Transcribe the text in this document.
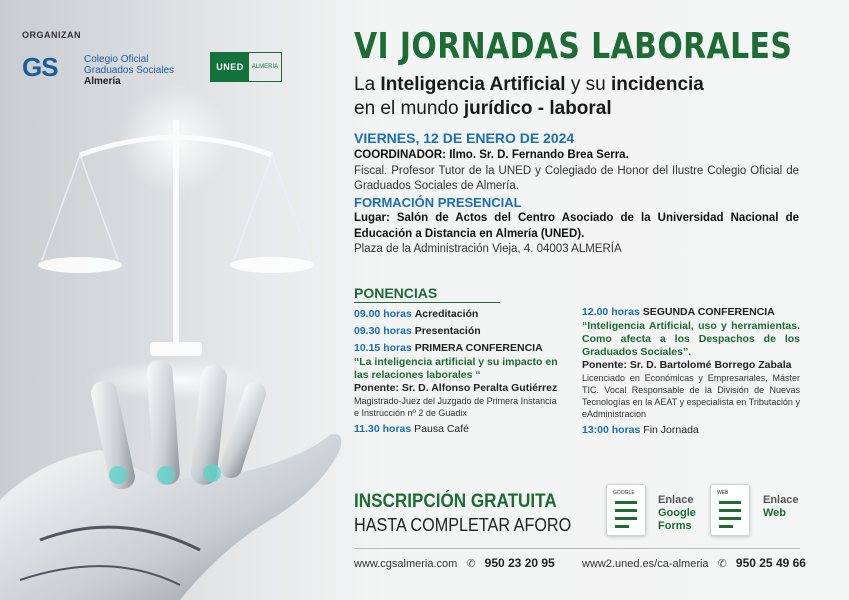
ORGANIZAN
GS	Colegio Oficial
Graduados Sociales
Almería
UNED	ALMERIA VI JORNADAS LABORALES
La Inteligencia Artificial y su incidencia
en el mundo jurídico - laboral
VIERNES, 12 DE ENERO DE 2024
COORDINADOR: Ilmo. Sr. D. Fernando Brea Serra.
Fiscal. Profesor Tutor de la UNED y Colegiado de Honor del Ilustre Colegio Oficial de Graduados Sociales de Almería.
FORMACIÓN PRESENCIAL
Lugar: Salón de Actos del Centro Asociado de la Universidad Nacional de Educación a Distancia en Almería (UNED).
Plaza de la Administración Vieja, 4. 04003 ALMERÍA
PONENCIAS
09.00 horas Acreditación
09.30 horas Presentación
10.15 horas PRIMERA CONFERENCIA
“La inteligencia artificial y su impacto en las relaciones laborales “
Ponente: Sr. D. Alfonso Peralta Gutiérrez
Magistrado-Juez del Juzgado de Primera Instancia e Instrucción nº 2 de Guadix
11.30 horas Pausa Café
12.00 horas SEGUNDA CONFERENCIA
“Inteligencia Artificial, uso y herramientas. Como afecta a los Despachos de los Graduados Sociales”.
Ponente: Sr. D. Bartolomé Borrego Zabala
Licenciado en Económicas y Empresariales, Máster TIC. Vocal Responsable de la División de Nuevas Tecnologías en la AEAT y especialista en Tributación y eAdministracion
13:00 horas Fin Jornada
INSCRIPCIÓN GRATUITA
HASTA COMPLETAR AFORO
GOOGLE
Enlace
Google
Forms
WEB
Enlace
Web
www.cgsalmeria.com ✆ 950 23 20 95 www2.uned.es/ca-almeria ✆ 950 25 49 66
